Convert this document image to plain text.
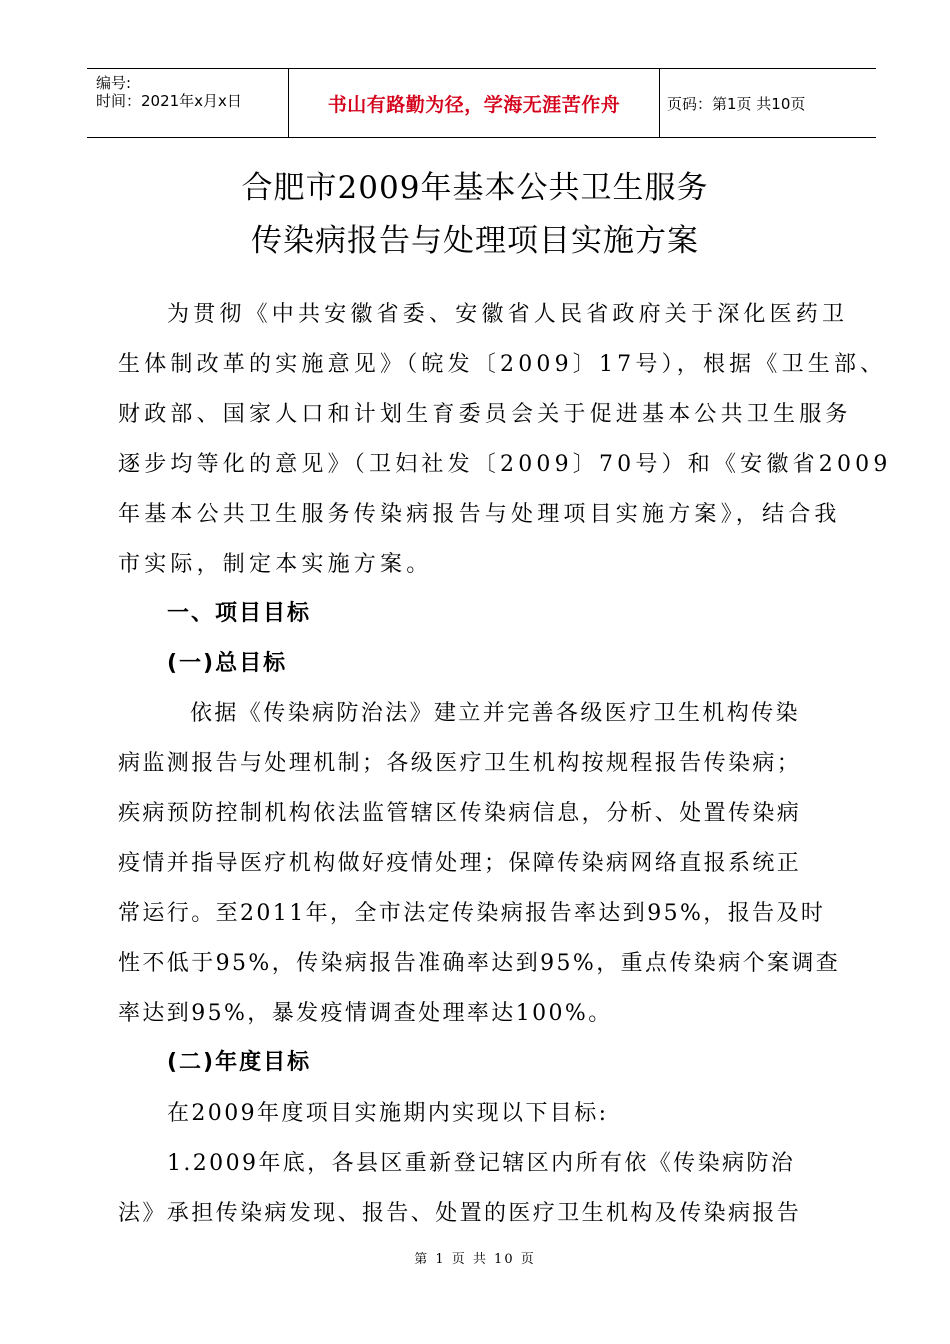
编号:
时间：2021年x月x日	书山有路勤为径，学海无涯苦作舟	页码：第1页 共10页
合肥市2009年基本公共卫生服务
传染病报告与处理项目实施方案
为贯彻《中共安徽省委、安徽省人民省政府关于深化医药卫
生体制改革的实施意见》（皖发〔2009〕17号），根据《卫生部、
财政部、国家人口和计划生育委员会关于促进基本公共卫生服务
逐步均等化的意见》（卫妇社发〔2009〕70号）和《安徽省2009
年基本公共卫生服务传染病报告与处理项目实施方案》，结合我
市实际，制定本实施方案。
一、项目目标
(一)总目标
依据《传染病防治法》建立并完善各级医疗卫生机构传染
病监测报告与处理机制；各级医疗卫生机构按规程报告传染病；
疾病预防控制机构依法监管辖区传染病信息，分析、处置传染病
疫情并指导医疗机构做好疫情处理；保障传染病网络直报系统正
常运行。至2011年，全市法定传染病报告率达到95%，报告及时
性不低于95%，传染病报告准确率达到95%，重点传染病个案调查
率达到95%，暴发疫情调查处理率达100%。
(二)年度目标
在2009年度项目实施期内实现以下目标:
1.2009年底，各县区重新登记辖区内所有依《传染病防治
法》承担传染病发现、报告、处置的医疗卫生机构及传染病报告
第 1 页 共 10 页
